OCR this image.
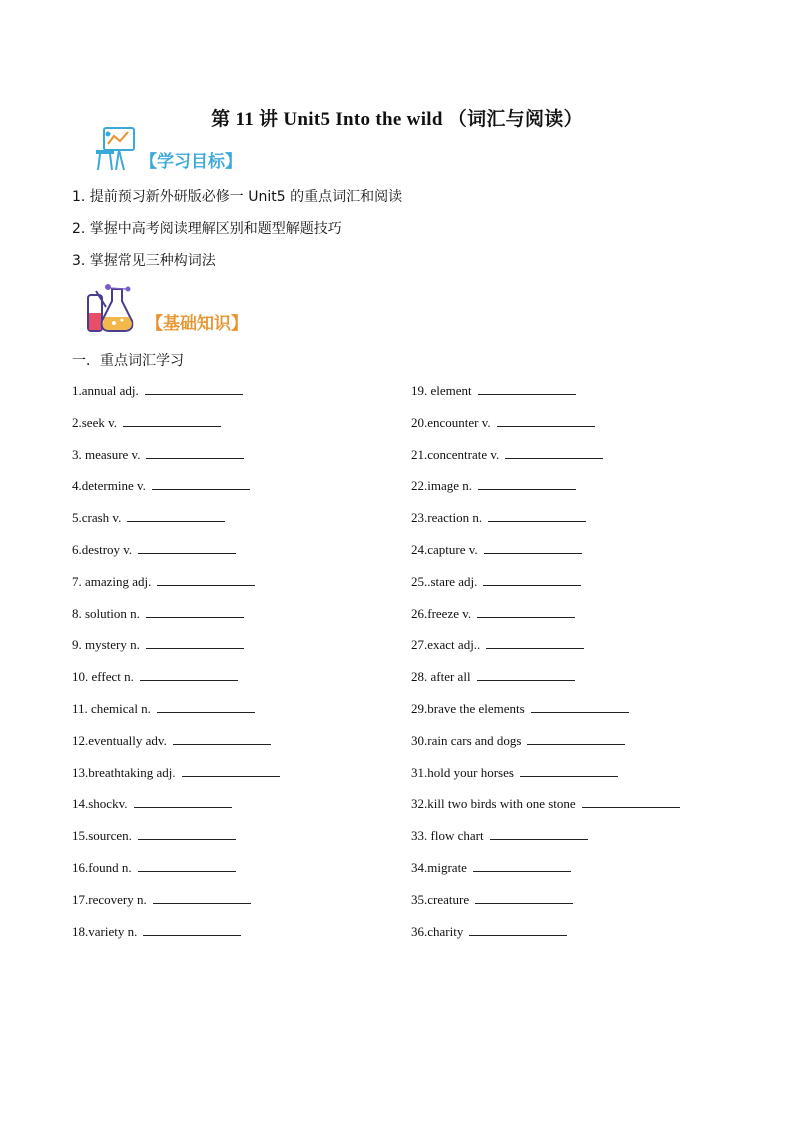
第 11 讲 Unit5 Into the wild （词汇与阅读）
【学习目标】
1. 提前预习新外研版必修一 Unit5 的重点词汇和阅读
2. 掌握中高考阅读理解区别和题型解题技巧
3. 掌握常见三种构词法
【基础知识】
一．重点词汇学习
1.annual adj.
2.seek v.
3. measure v.
4.determine v.
5.crash v.
6.destroy v.
7. amazing adj.
8. solution n.
9. mystery n.
10. effect n.
11. chemical n.
12.eventually adv.
13.breathtaking adj.
14.shockv.
15.sourcen.
16.found n.
17.recovery n.
18.variety n.
19. element
20.encounter v.
21.concentrate v.
22.image n.
23.reaction n.
24.capture v.
25..stare adj.
26.freeze v.
27.exact adj..
28. after all
29.brave the elements
30.rain cars and dogs
31.hold your horses
32.kill two birds with one stone
33. flow chart
34.migrate
35.creature
36.charity
